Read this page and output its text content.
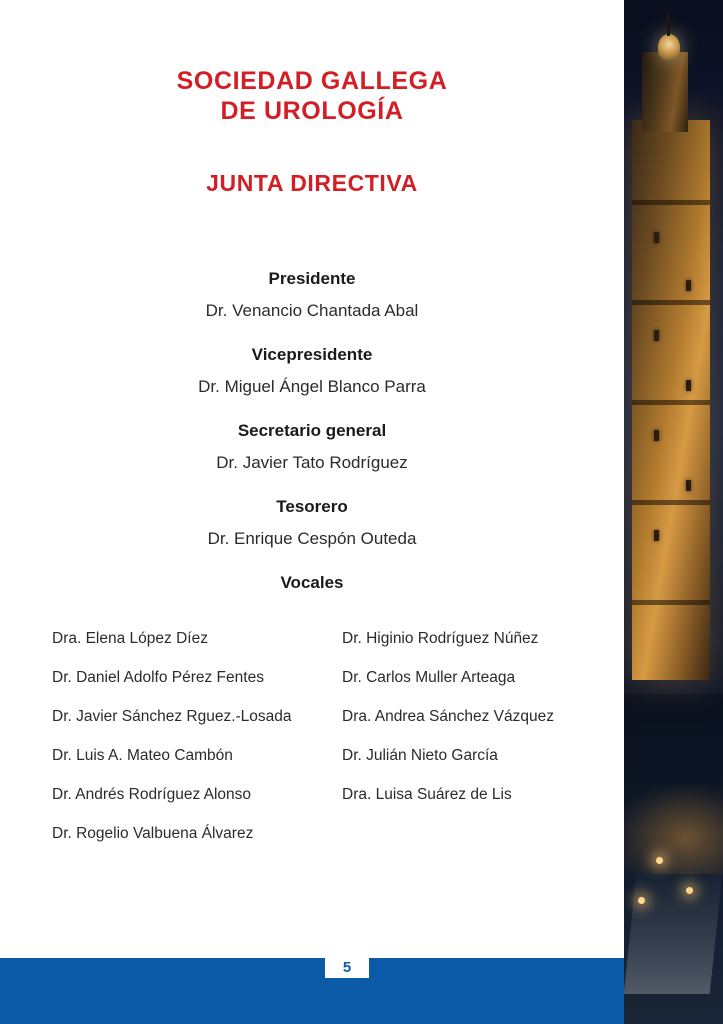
SOCIEDAD GALLEGA
DE UROLOGÍA
JUNTA DIRECTIVA
Presidente
Dr. Venancio Chantada Abal
Vicepresidente
Dr. Miguel Ángel Blanco Parra
Secretario general
Dr. Javier Tato Rodríguez
Tesorero
Dr. Enrique Cespón Outeda
Vocales
Dra. Elena López Díez	Dr. Higinio Rodríguez Núñez
Dr. Daniel Adolfo Pérez Fentes	Dr. Carlos Muller Arteaga
Dr. Javier Sánchez Rguez.-Losada	Dra. Andrea Sánchez Vázquez
Dr. Luis A. Mateo Cambón	Dr. Julián Nieto García
Dr. Andrés Rodríguez Alonso	Dra. Luisa Suárez de Lis
Dr. Rogelio Valbuena Álvarez
5
